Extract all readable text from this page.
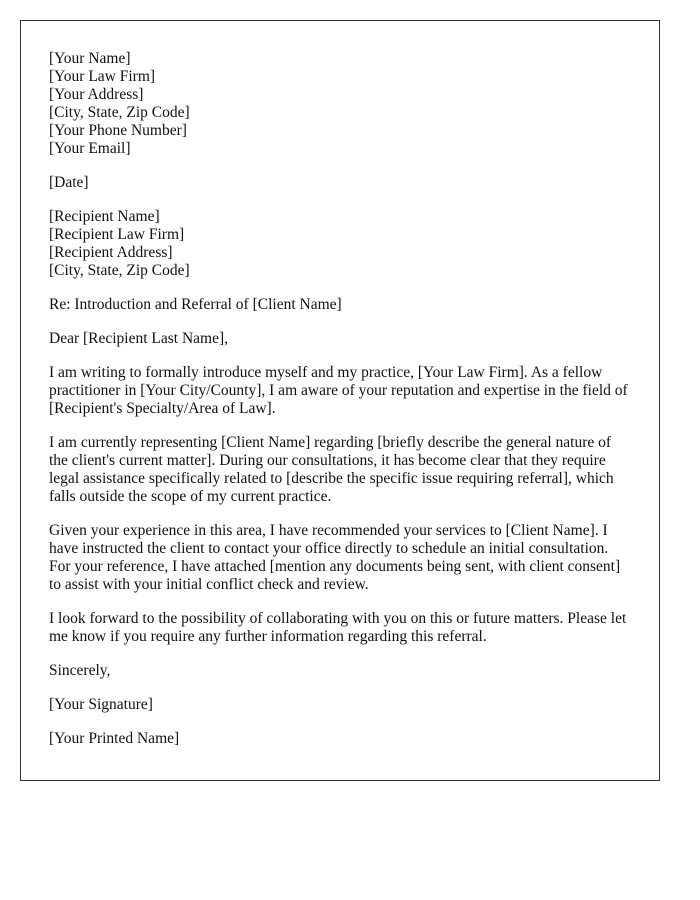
[Your Name]
[Your Law Firm]
[Your Address]
[City, State, Zip Code]
[Your Phone Number]
[Your Email]
[Date]
[Recipient Name]
[Recipient Law Firm]
[Recipient Address]
[City, State, Zip Code]
Re: Introduction and Referral of [Client Name]
Dear [Recipient Last Name],

I am writing to formally introduce myself and my practice, [Your Law Firm]. As a fellow practitioner in [Your City/County], I am aware of your reputation and expertise in the field of [Recipient's Specialty/Area of Law].

I am currently representing [Client Name] regarding [briefly describe the general nature of the client's current matter]. During our consultations, it has become clear that they require legal assistance specifically related to [describe the specific issue requiring referral], which falls outside the scope of my current practice.

Given your experience in this area, I have recommended your services to [Client Name]. I have instructed the client to contact your office directly to schedule an initial consultation. For your reference, I have attached [mention any documents being sent, with client consent] to assist with your initial conflict check and review.

I look forward to the possibility of collaborating with you on this or future matters. Please let me know if you require any further information regarding this referral.

Sincerely,
[Your Signature]
[Your Printed Name]
